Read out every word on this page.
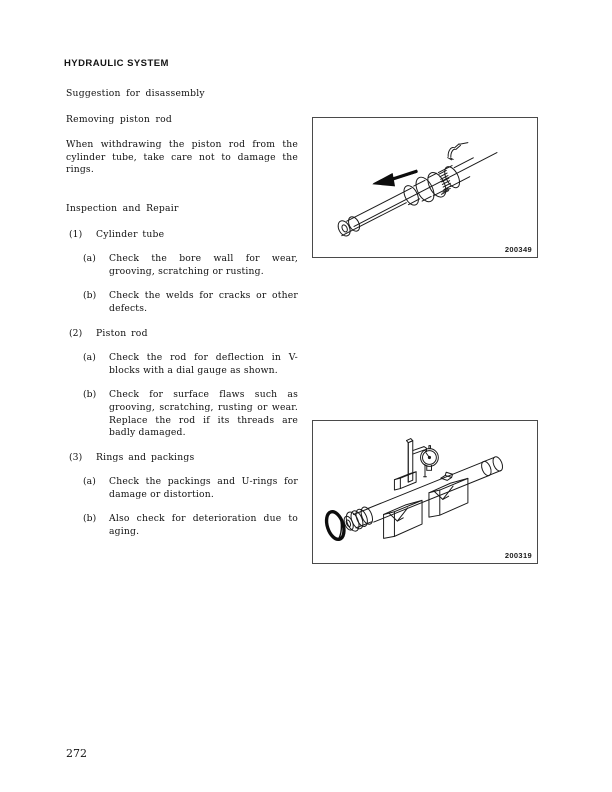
HYDRAULIC SYSTEM

Suggestion for disassembly

Removing piston rod

When withdrawing the piston rod from the cylinder tube, take care not to damage the rings.

Inspection and Repair

(1)	Cylinder tube
(a)	Check the bore wall for wear, grooving, scratching or rusting.
(b)	Check the welds for cracks or other defects.
(2)	Piston rod
(a)	Check the rod for deflection in V-blocks with a dial gauge as shown.
(b)	Check for surface flaws such as grooving, scratching, rusting or wear. Replace the rod if its threads are badly damaged.
(3)	Rings and packings
(a)	Check the packings and U-rings for damage or distortion.
(b)	Also check for deterioration due to aging.
200349
200319
272
